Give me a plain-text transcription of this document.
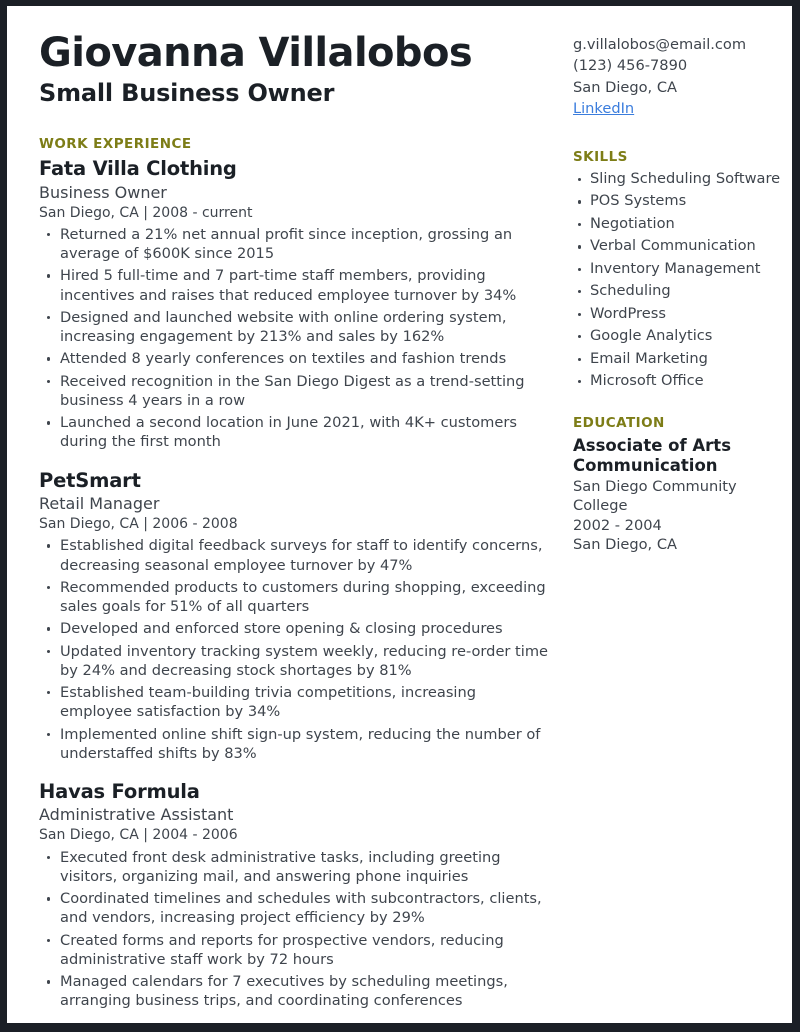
Giovanna Villalobos
Small Business Owner
WORK EXPERIENCE
Fata Villa Clothing
Business Owner
San Diego, CA | 2008 - current
Returned a 21% net annual profit since inception, grossing an average of $600K since 2015
Hired 5 full-time and 7 part-time staff members, providing incentives and raises that reduced employee turnover by 34%
Designed and launched website with online ordering system, increasing engagement by 213% and sales by 162%
Attended 8 yearly conferences on textiles and fashion trends
Received recognition in the San Diego Digest as a trend-setting business 4 years in a row
Launched a second location in June 2021, with 4K+ customers during the first month
PetSmart
Retail Manager
San Diego, CA | 2006 - 2008
Established digital feedback surveys for staff to identify concerns, decreasing seasonal employee turnover by 47%
Recommended products to customers during shopping, exceeding sales goals for 51% of all quarters
Developed and enforced store opening & closing procedures
Updated inventory tracking system weekly, reducing re-order time by 24% and decreasing stock shortages by 81%
Established team-building trivia competitions, increasing employee satisfaction by 34%
Implemented online shift sign-up system, reducing the number of understaffed shifts by 83%
Havas Formula
Administrative Assistant
San Diego, CA | 2004 - 2006
Executed front desk administrative tasks, including greeting visitors, organizing mail, and answering phone inquiries
Coordinated timelines and schedules with subcontractors, clients, and vendors, increasing project efficiency by 29%
Created forms and reports for prospective vendors, reducing administrative staff work by 72 hours
Managed calendars for 7 executives by scheduling meetings, arranging business trips, and coordinating conferences
g.villalobos@email.com
(123) 456-7890
San Diego, CA
LinkedIn
SKILLS
Sling Scheduling Software
POS Systems
Negotiation
Verbal Communication
Inventory Management
Scheduling
WordPress
Google Analytics
Email Marketing
Microsoft Office
EDUCATION
Associate of Arts Communication
San Diego Community College
2002 - 2004
San Diego, CA
